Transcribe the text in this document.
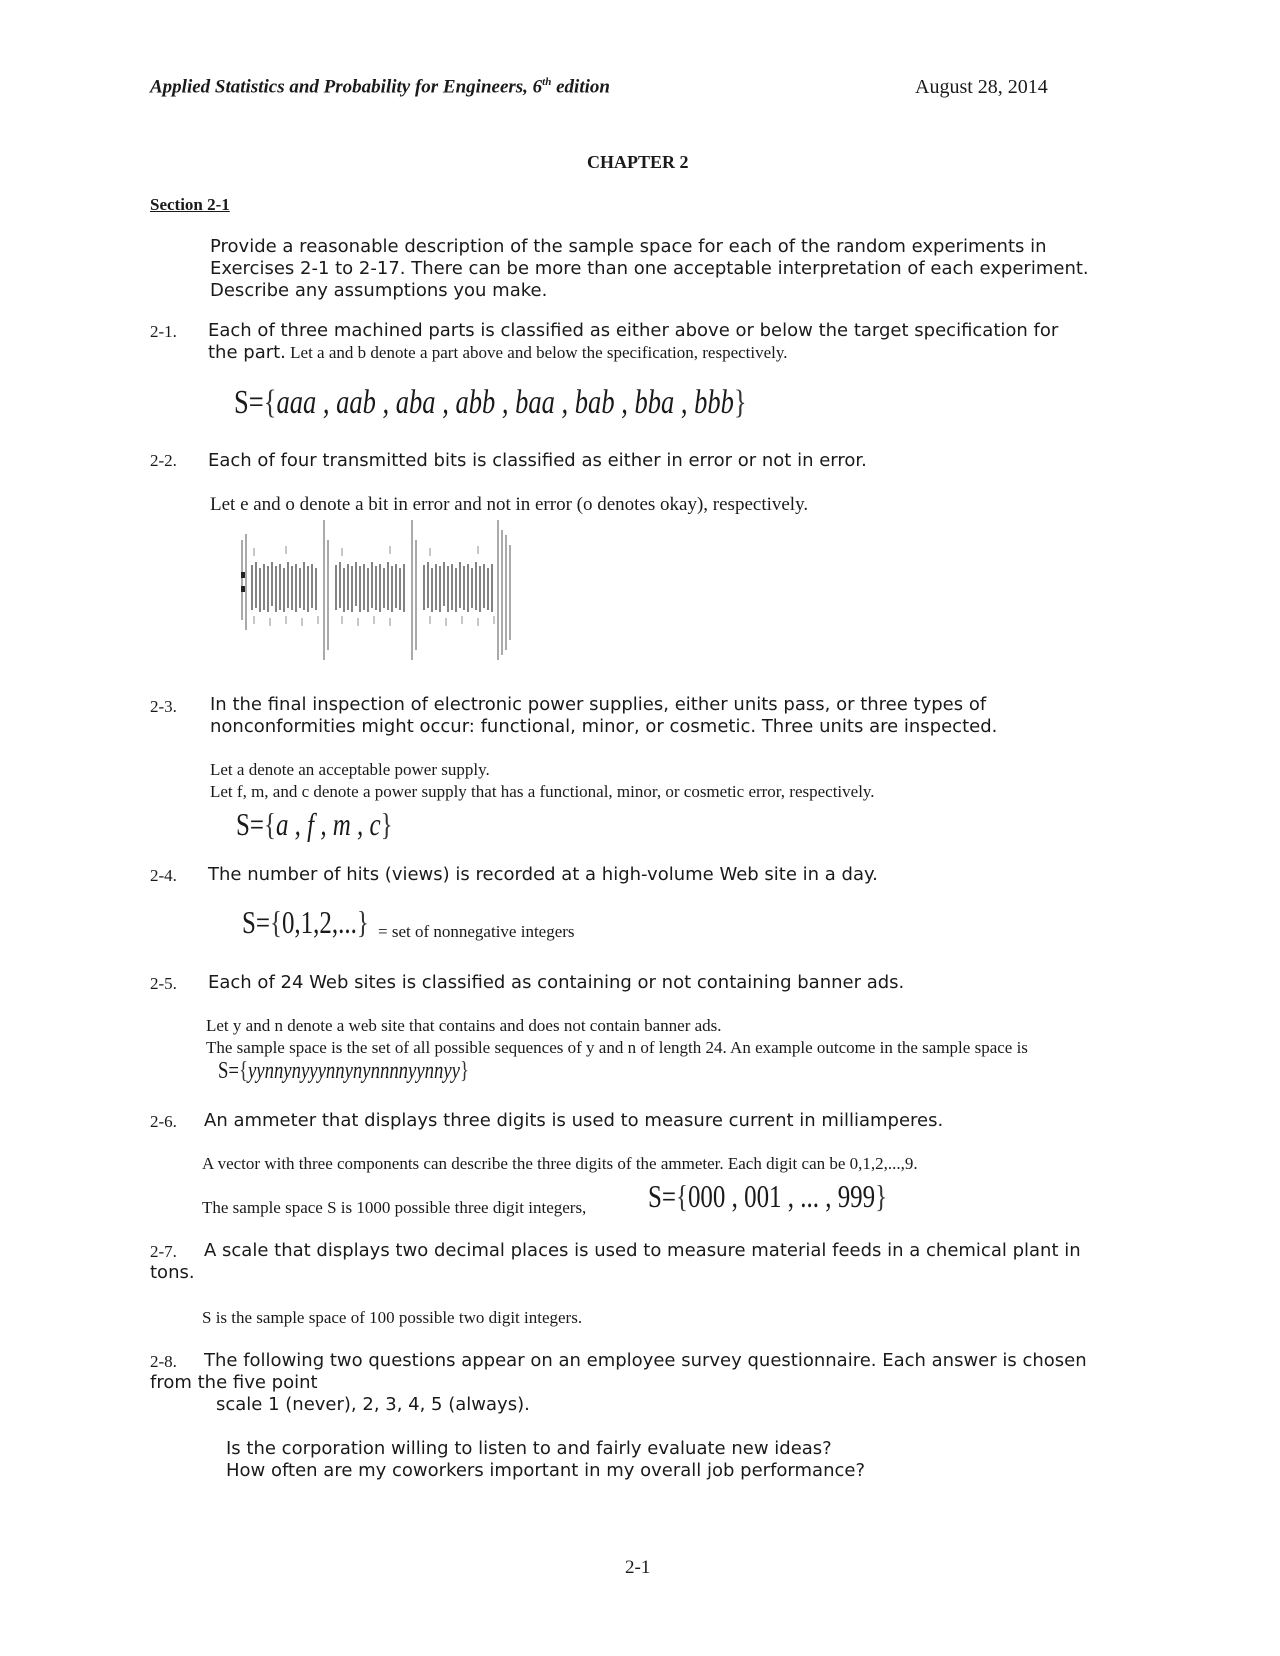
Applied Statistics and Probability for Engineers, 6th edition	August 28, 2014
CHAPTER 2
Section 2-1
Provide a reasonable description of the sample space for each of the random experiments in Exercises 2-1 to 2-17. There can be more than one acceptable interpretation of each experiment. Describe any assumptions you make.
2-1. Each of three machined parts is classified as either above or below the target specification for
the part. Let a and b denote a part above and below the specification, respectively.
S={aaa , aab , aba , abb , baa , bab , bba , bbb}
2-2. Each of four transmitted bits is classified as either in error or not in error.
Let e and o denote a bit in error and not in error (o denotes okay), respectively.
2-3. In the final inspection of electronic power supplies, either units pass, or three types of
nonconformities might occur: functional, minor, or cosmetic. Three units are inspected.
Let a denote an acceptable power supply.
Let f, m, and c denote a power supply that has a functional, minor, or cosmetic error, respectively.
S={a , f , m , c}
2-4. The number of hits (views) is recorded at a high-volume Web site in a day.
S={0,1,2,...} = set of nonnegative integers
2-5. Each of 24 Web sites is classified as containing or not containing banner ads.
Let y and n denote a web site that contains and does not contain banner ads.
The sample space is the set of all possible sequences of y and n of length 24. An example outcome in the sample space is
S={yynnynyyynnynynnnnyynnyy}
2-6. An ammeter that displays three digits is used to measure current in milliamperes.
A vector with three components can describe the three digits of the ammeter. Each digit can be 0,1,2,...,9.
The sample space S is 1000 possible three digit integers, S={000 , 001 , ... , 999}
2-7. A scale that displays two decimal places is used to measure material feeds in a chemical plant in
tons.
S is the sample space of 100 possible two digit integers.
2-8. The following two questions appear on an employee survey questionnaire. Each answer is chosen
from the five point
scale 1 (never), 2, 3, 4, 5 (always).
Is the corporation willing to listen to and fairly evaluate new ideas?
How often are my coworkers important in my overall job performance?
2-1
